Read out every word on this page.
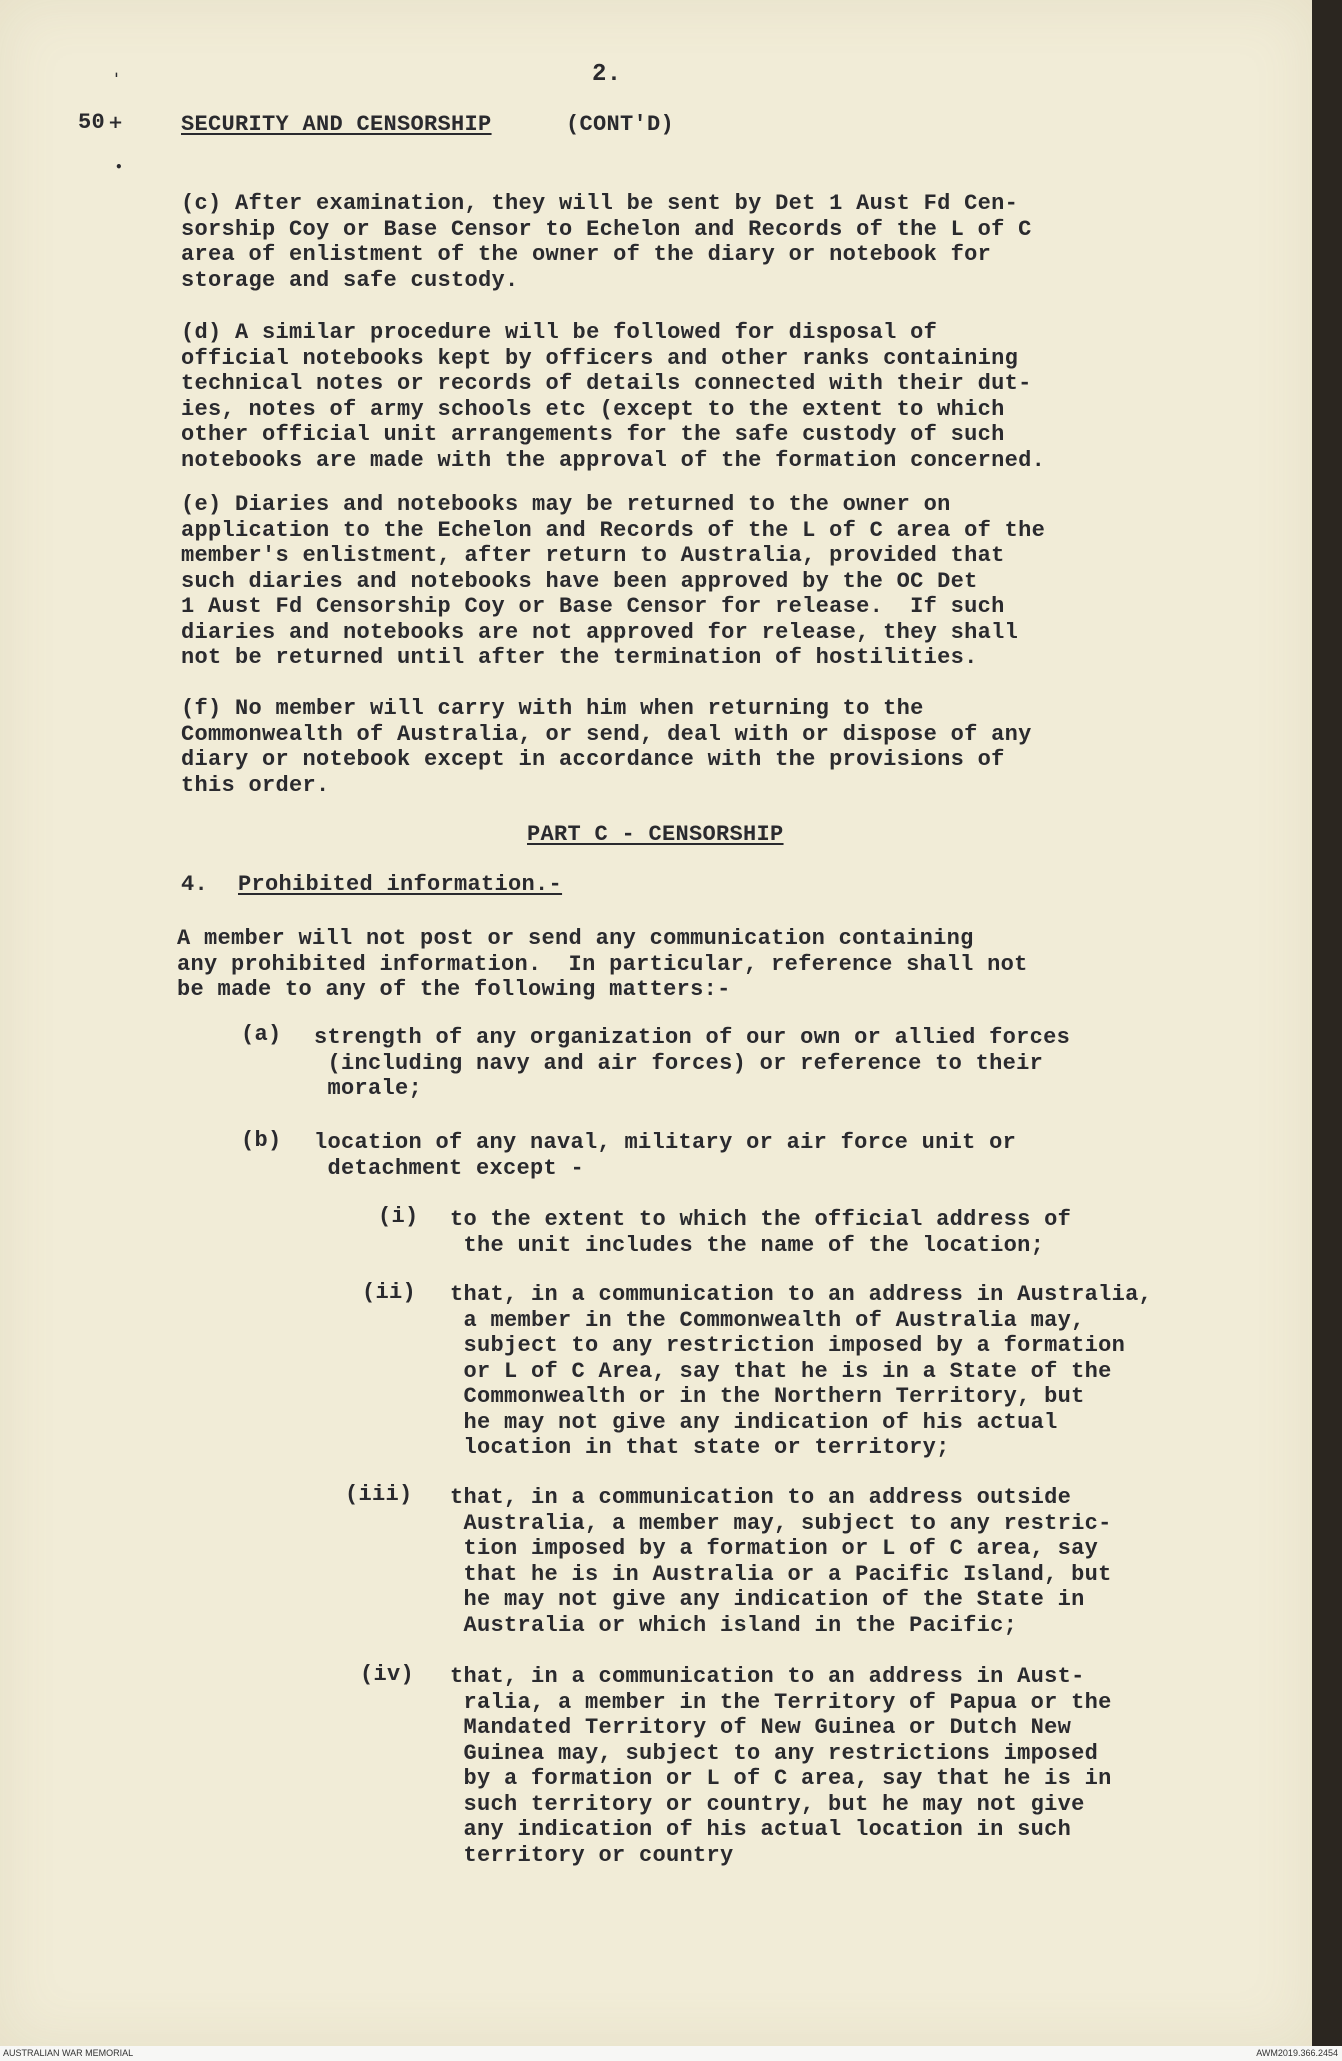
2.
ˈ
50 +
•
SECURITY AND CENSORSHIP	(CONT'D)
(c) After examination, they will be sent by Det 1 Aust Fd Cen-
sorship Coy or Base Censor to Echelon and Records of the L of C
area of enlistment of the owner of the diary or notebook for
storage and safe custody.
(d) A similar procedure will be followed for disposal of
official notebooks kept by officers and other ranks containing
technical notes or records of details connected with their dut-
ies, notes of army schools etc (except to the extent to which
other official unit arrangements for the safe custody of such
notebooks are made with the approval of the formation concerned.
(e) Diaries and notebooks may be returned to the owner on
application to the Echelon and Records of the L of C area of the
member's enlistment, after return to Australia, provided that
such diaries and notebooks have been approved by the OC Det
1 Aust Fd Censorship Coy or Base Censor for release.  If such
diaries and notebooks are not approved for release, they shall
not be returned until after the termination of hostilities.
(f) No member will carry with him when returning to the
Commonwealth of Australia, or send, deal with or dispose of any
diary or notebook except in accordance with the provisions of
this order.
PART C - CENSORSHIP
4. Prohibited information.-
A member will not post or send any communication containing
any prohibited information.  In particular, reference shall not
be made to any of the following matters:-
(a) strength of any organization of our own or allied forces
(including navy and air forces) or reference to their
morale;
(b) location of any naval, military or air force unit or
detachment except -
(i) to the extent to which the official address of
the unit includes the name of the location;
(ii) that, in a communication to an address in Australia,
a member in the Commonwealth of Australia may,
subject to any restriction imposed by a formation
or L of C Area, say that he is in a State of the
Commonwealth or in the Northern Territory, but
he may not give any indication of his actual
location in that state or territory;
(iii) that, in a communication to an address outside
Australia, a member may, subject to any restric-
tion imposed by a formation or L of C area, say
that he is in Australia or a Pacific Island, but
he may not give any indication of the State in
Australia or which island in the Pacific;
(iv) that, in a communication to an address in Aust-
ralia, a member in the Territory of Papua or the
Mandated Territory of New Guinea or Dutch New
Guinea may, subject to any restrictions imposed
by a formation or L of C area, say that he is in
such territory or country, but he may not give
any indication of his actual location in such
territory or country
AUSTRALIAN WAR MEMORIAL	AWM2019.366.2454
